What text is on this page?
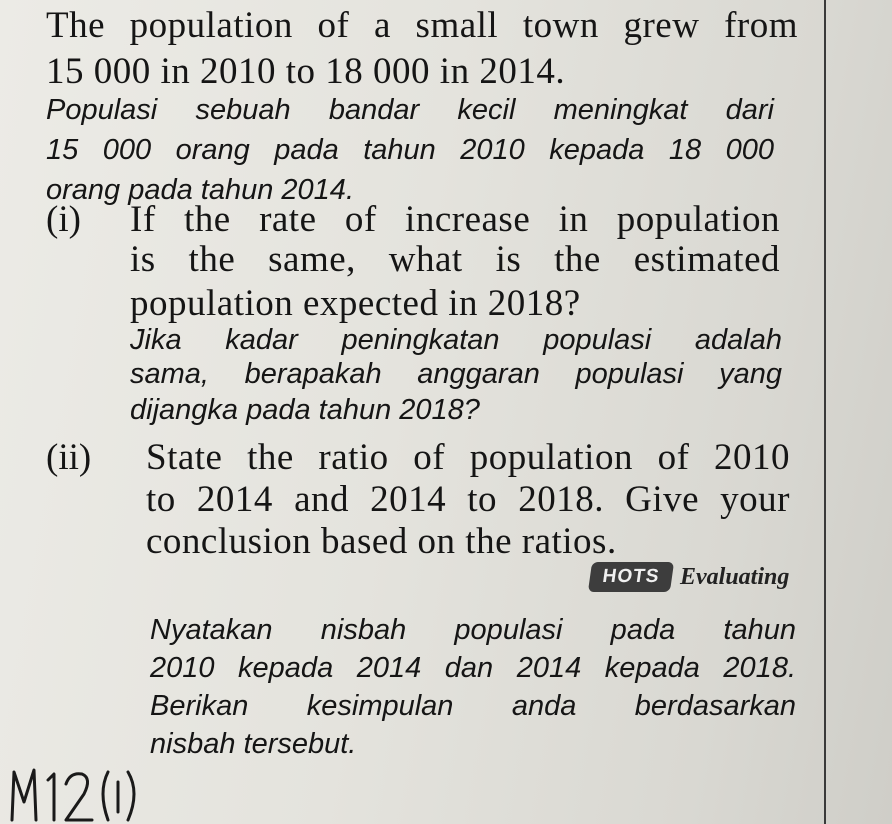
The population of a small town grew from
15 000 in 2010 to 18 000 in 2014.
Populasi sebuah bandar kecil meningkat dari
15 000 orang pada tahun 2010 kepada 18 000
orang pada tahun 2014.
(i) If the rate of increase in population
is the same, what is the estimated
population expected in 2018?
Jika kadar peningkatan populasi adalah
sama, berapakah anggaran populasi yang
dijangka pada tahun 2018?
(ii) State the ratio of population of 2010
to 2014 and 2014 to 2018. Give your
conclusion based on the ratios.
HOTS Evaluating
Nyatakan nisbah populasi pada tahun
2010 kepada 2014 dan 2014 kepada 2018.
Berikan kesimpulan anda berdasarkan
nisbah tersebut.
